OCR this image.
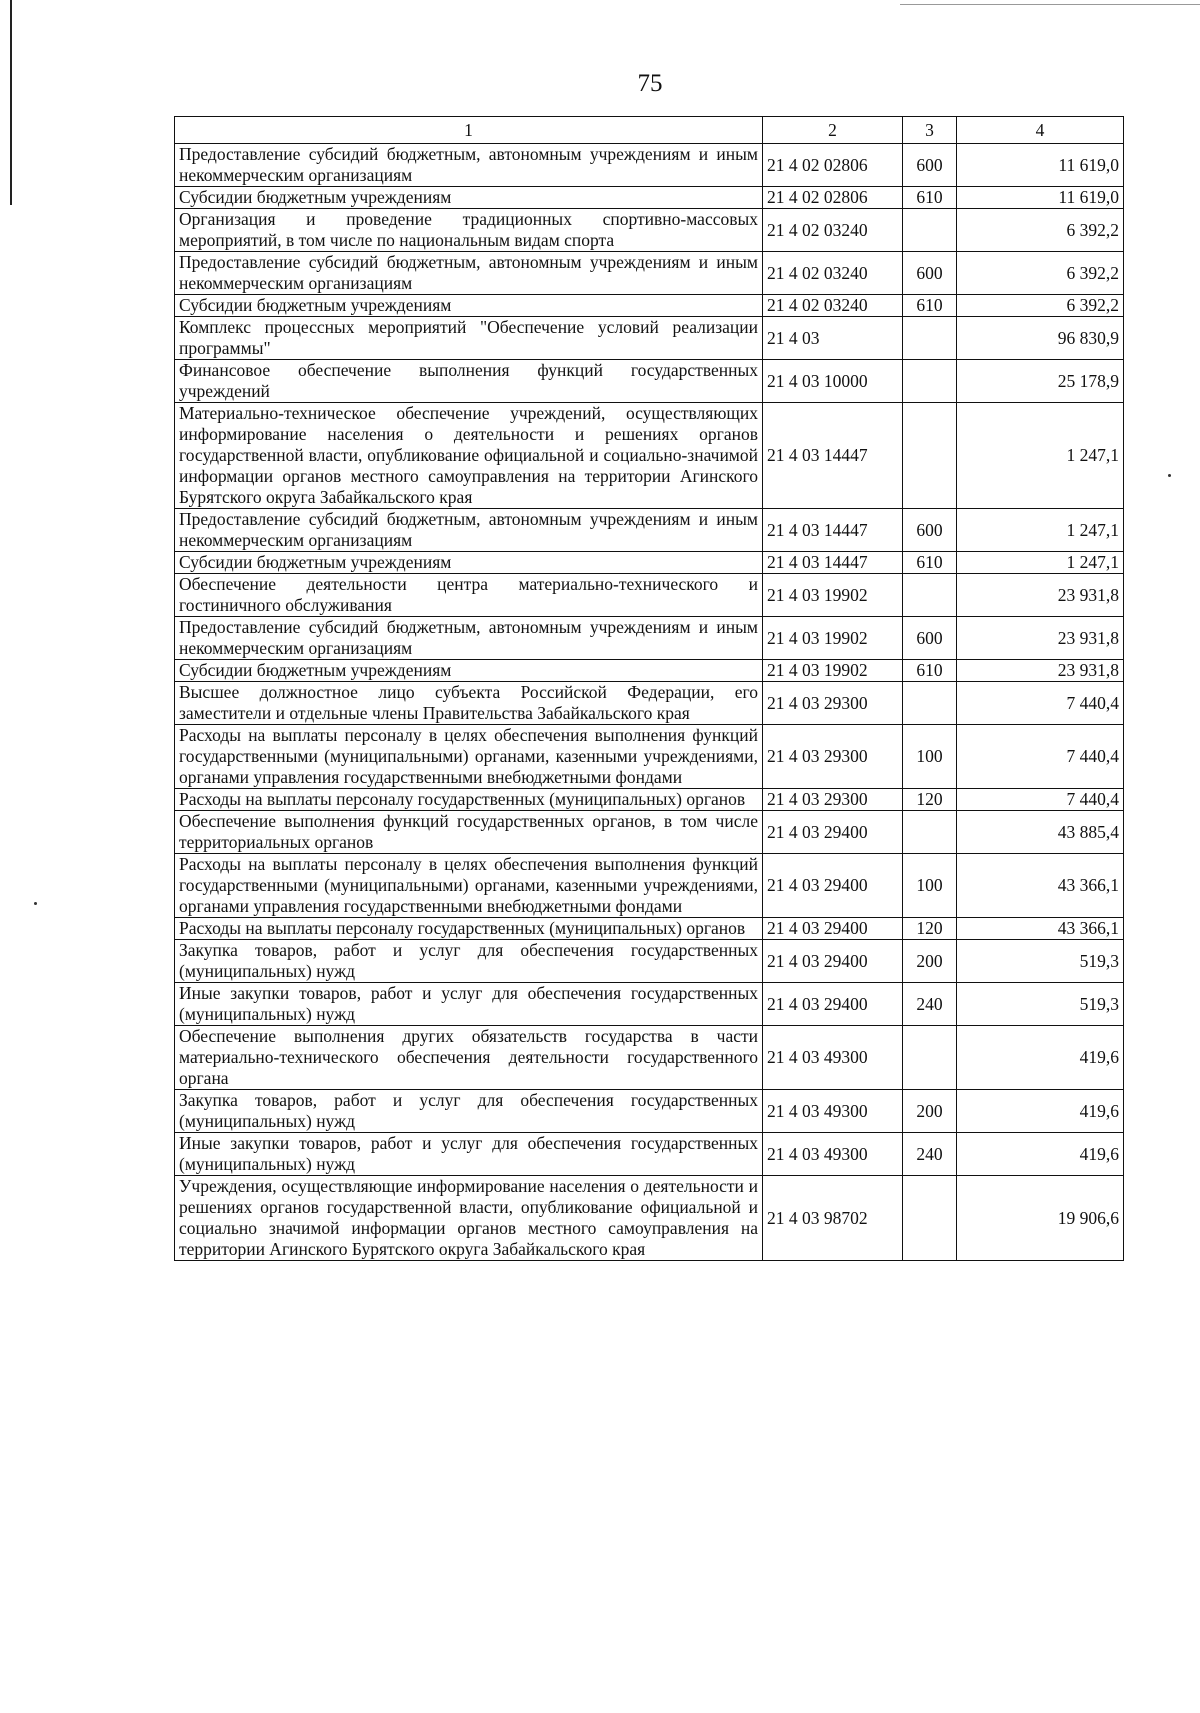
75
1	2	3	4
Предоставление субсидий бюджетным, автономным учреждениям и иным некоммерческим организациям	21 4 02 02806	600	11 619,0
Субсидии бюджетным учреждениям	21 4 02 02806	610	11 619,0
Организация и проведение традиционных спортивно-массовых мероприятий, в том числе по национальным видам спорта	21 4 02 03240		6 392,2
Предоставление субсидий бюджетным, автономным учреждениям и иным некоммерческим организациям	21 4 02 03240	600	6 392,2
Субсидии бюджетным учреждениям	21 4 02 03240	610	6 392,2
Комплекс процессных мероприятий "Обеспечение условий реализации программы"	21 4 03		96 830,9
Финансовое обеспечение выполнения функций государственных учреждений	21 4 03 10000		25 178,9
Материально-техническое обеспечение учреждений, осуществляющих информирование населения о деятельности и решениях органов государственной власти, опубликование официальной и социально-значимой информации органов местного самоуправления на территории Агинского Бурятского округа Забайкальского края	21 4 03 14447		1 247,1
Предоставление субсидий бюджетным, автономным учреждениям и иным некоммерческим организациям	21 4 03 14447	600	1 247,1
Субсидии бюджетным учреждениям	21 4 03 14447	610	1 247,1
Обеспечение деятельности центра материально-технического и гостиничного обслуживания	21 4 03 19902		23 931,8
Предоставление субсидий бюджетным, автономным учреждениям и иным некоммерческим организациям	21 4 03 19902	600	23 931,8
Субсидии бюджетным учреждениям	21 4 03 19902	610	23 931,8
Высшее должностное лицо субъекта Российской Федерации, его заместители и отдельные члены Правительства Забайкальского края	21 4 03 29300		7 440,4
Расходы на выплаты персоналу в целях обеспечения выполнения функций государственными (муниципальными) органами, казенными учреждениями, органами управления государственными внебюджетными фондами	21 4 03 29300	100	7 440,4
Расходы на выплаты персоналу государственных (муниципальных) органов	21 4 03 29300	120	7 440,4
Обеспечение выполнения функций государственных органов, в том числе территориальных органов	21 4 03 29400		43 885,4
Расходы на выплаты персоналу в целях обеспечения выполнения функций государственными (муниципальными) органами, казенными учреждениями, органами управления государственными внебюджетными фондами	21 4 03 29400	100	43 366,1
Расходы на выплаты персоналу государственных (муниципальных) органов	21 4 03 29400	120	43 366,1
Закупка товаров, работ и услуг для обеспечения государственных (муниципальных) нужд	21 4 03 29400	200	519,3
Иные закупки товаров, работ и услуг для обеспечения государственных (муниципальных) нужд	21 4 03 29400	240	519,3
Обеспечение выполнения других обязательств государства в части материально-технического обеспечения деятельности государственного органа	21 4 03 49300		419,6
Закупка товаров, работ и услуг для обеспечения государственных (муниципальных) нужд	21 4 03 49300	200	419,6
Иные закупки товаров, работ и услуг для обеспечения государственных (муниципальных) нужд	21 4 03 49300	240	419,6
Учреждения, осуществляющие информирование населения о деятельности и решениях органов государственной власти, опубликование официальной и социально значимой информации органов местного самоуправления на территории Агинского Бурятского округа Забайкальского края	21 4 03 98702		19 906,6
